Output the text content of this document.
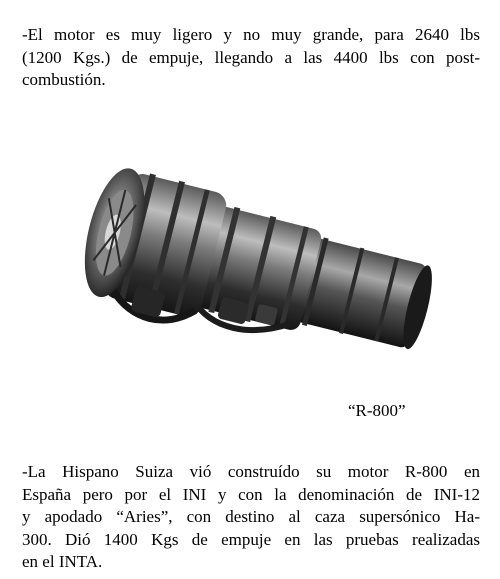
-El motor es muy ligero y no muy grande, para 2640 lbs
(1200 Kgs.) de empuje, llegando a las 4400 lbs con post-
combustión.
“R-800”
-La Hispano Suiza vió construído su motor R-800 en
España pero por el INI y con la denominación de INI-12
y apodado “Aries”, con destino al caza supersónico Ha-
300. Dió 1400 Kgs de empuje en las pruebas realizadas
en el INTA.
